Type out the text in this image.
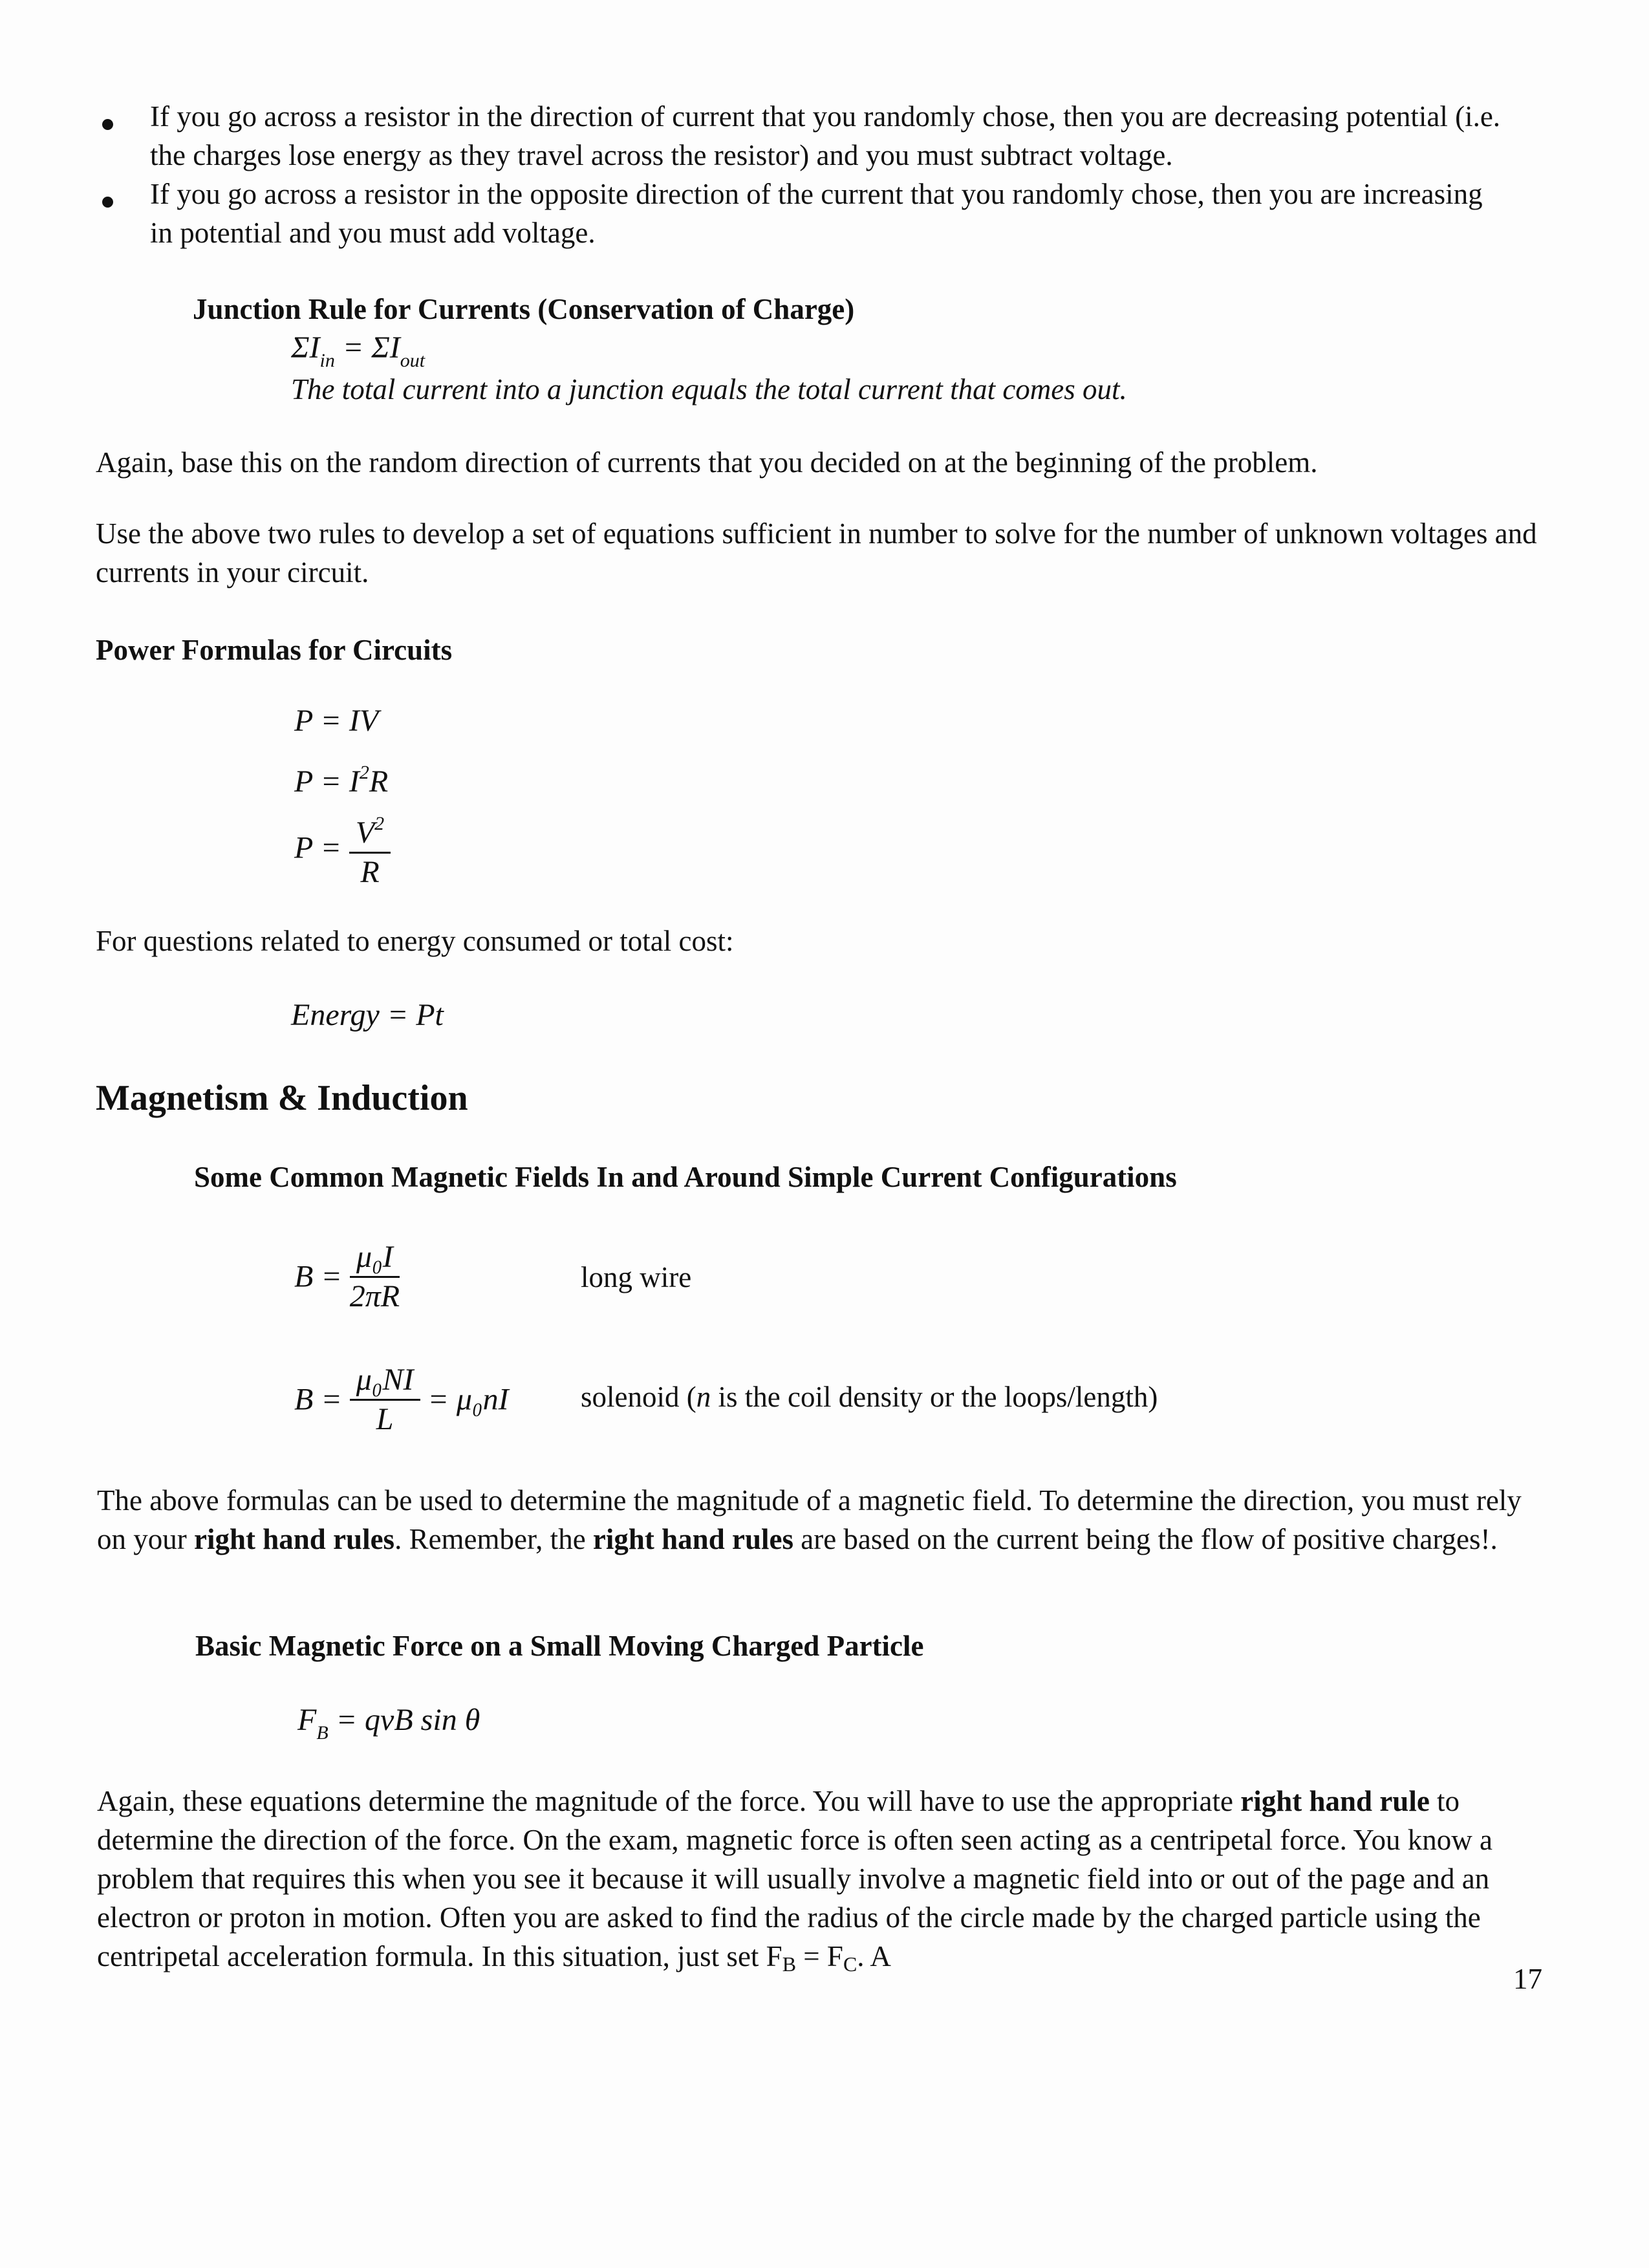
If you go across a resistor in the direction of current that you randomly chose, then you are decreasing potential (i.e. the charges lose energy as they travel across the resistor) and you must subtract voltage.
If you go across a resistor in the opposite direction of the current that you randomly chose, then you are increasing in potential and you must add voltage.
Junction Rule for Currents (Conservation of Charge)
$\Sigma I_{in} = \Sigma I_{out}$
The total current into a junction equals the total current that comes out.
Again, base this on the random direction of currents that you decided on at the beginning of the problem.
Use the above two rules to develop a set of equations sufficient in number to solve for the number of unknown voltages and currents in your circuit.
Power Formulas for Circuits
P = IV
$P = I^2R$
$P = \frac{V^2}{R}$
For questions related to energy consumed or total cost:
Energy = Pt
Magnetism & Induction
Some Common Magnetic Fields In and Around Simple Current Configurations
$B = \frac{\text{μ₀I}}{2\pi R}$	long wire
$B = \frac{\text{μ₀NI}}{L} = \mu_0nI$ solenoid (n is the coil density or the loops/length)
The above formulas can be used to determine the magnitude of a magnetic field. To determine the direction, you must rely on your right hand rules. Remember, the right hand rules are based on the current being the flow of positive charges!.
Basic Magnetic Force on a Small Moving Charged Particle
$F_B$ = qvB sin θ
Again, these equations determine the magnitude of the force. You will have to use the appropriate right hand rule to determine the direction of the force. On the exam, magnetic force is often seen acting as a centripetal force. You know a problem that requires this when you see it because it will usually involve a magnetic field into or out of the page and an electron or proton in motion. Often you are asked to find the radius of the circle made by the charged particle using the centripetal acceleration formula. In this situation, just set $F_B = F_C$. A
17
